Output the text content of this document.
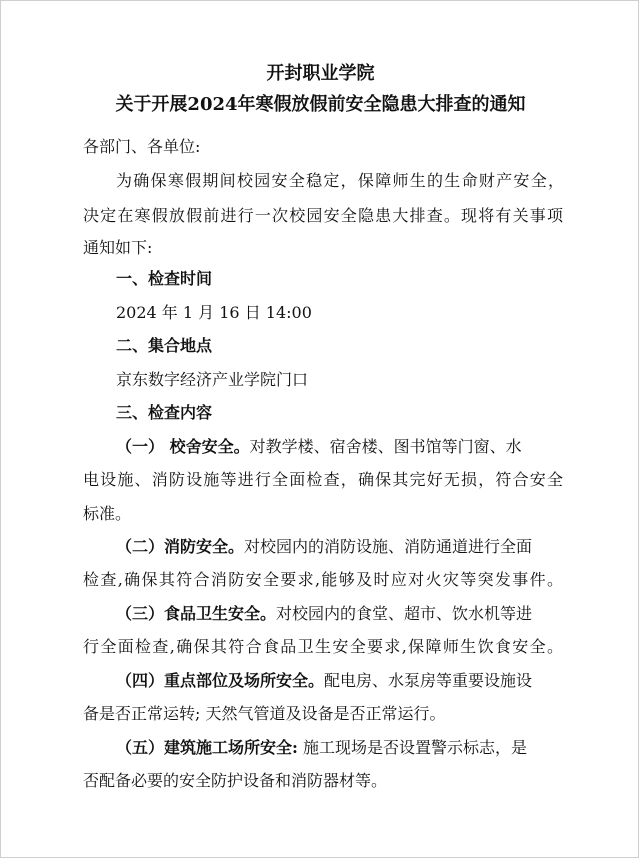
开封职业学院
关于开展2024年寒假放假前安全隐患大排查的通知
各部门、各单位:
为确保寒假期间校园安全稳定，保障师生的生命财产安全，
决定在寒假放假前进行一次校园安全隐患大排查。现将有关事项
通知如下:
一、检查时间
2024 年 1 月 16 日 14:00
二、集合地点
京东数字经济产业学院门口
三、检查内容
（一） 校舍安全。对教学楼、宿舍楼、图书馆等门窗、水
电设施、消防设施等进行全面检查，确保其完好无损，符合安全
标准。
（二）消防安全。对校园内的消防设施、消防通道进行全面
检查,确保其符合消防安全要求,能够及时应对火灾等突发事件。
（三）食品卫生安全。对校园内的食堂、超市、饮水机等进
行全面检查,确保其符合食品卫生安全要求,保障师生饮食安全。
（四）重点部位及场所安全。配电房、水泵房等重要设施设
备是否正常运转; 天然气管道及设备是否正常运行。
（五）建筑施工场所安全: 施工现场是否设置警示标志，是
否配备必要的安全防护设备和消防器材等。
